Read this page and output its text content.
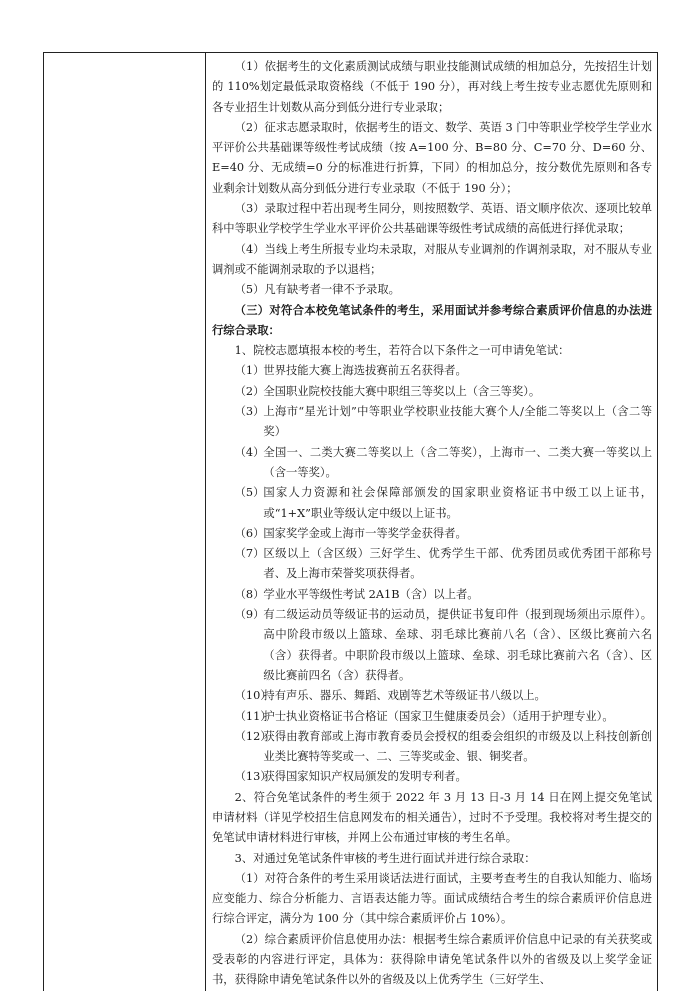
（1）依据考生的文化素质测试成绩与职业技能测试成绩的相加总分，先按招生计划的 110%划定最低录取资格线（不低于 190 分），再对线上考生按专业志愿优先原则和各专业招生计划数从高分到低分进行专业录取；

（2）征求志愿录取时，依据考生的语文、数学、英语 3 门中等职业学校学生学业水平评价公共基础课等级性考试成绩（按 A=100 分、B=80 分、C=70 分、D=60 分、E=40 分、无成绩=0 分的标准进行折算，下同）的相加总分，按分数优先原则和各专业剩余计划数从高分到低分进行专业录取（不低于 190 分）；

（3）录取过程中若出现考生同分，则按照数学、英语、语文顺序依次、逐项比较单科中等职业学校学生学业水平评价公共基础课等级性考试成绩的高低进行择优录取；

（4）当线上考生所报专业均未录取，对服从专业调剂的作调剂录取，对不服从专业调剂或不能调剂录取的予以退档；

（5）凡有缺考者一律不予录取。

（三）对符合本校免笔试条件的考生，采用面试并参考综合素质评价信息的办法进行综合录取：

1、院校志愿填报本校的考生，若符合以下条件之一可申请免笔试：

（1） 世界技能大赛上海选拔赛前五名获得者。
（2） 全国职业院校技能大赛中职组三等奖以上（含三等奖）。
（3） 上海市“星光计划”中等职业学校职业技能大赛个人/全能二等奖以上（含二等奖）
（4） 全国一、二类大赛二等奖以上（含二等奖），上海市一、二类大赛一等奖以上（含一等奖）。
（5） 国家人力资源和社会保障部颁发的国家职业资格证书中级工以上证书，或“1+X”职业等级认定中级以上证书。
（6） 国家奖学金或上海市一等奖学金获得者。
（7） 区级以上（含区级）三好学生、优秀学生干部、优秀团员或优秀团干部称号者、及上海市荣誉奖项获得者。
（8） 学业水平等级性考试 2A1B（含）以上者。
（9） 有二级运动员等级证书的运动员，提供证书复印件（报到现场须出示原件）。高中阶段市级以上篮球、垒球、羽毛球比赛前八名（含）、区级比赛前六名（含）获得者。中职阶段市级以上篮球、垒球、羽毛球比赛前六名（含）、区级比赛前四名（含）获得者。
（10）
持有声乐、器乐、舞蹈、戏剧等艺术等级证书八级以上。
（11）
护士执业资格证书合格证（国家卫生健康委员会）（适用于护理专业）。
（12）
获得由教育部或上海市教育委员会授权的组委会组织的市级及以上科技创新创业类比赛特等奖或一、二、三等奖或金、银、铜奖者。
（13）
获得国家知识产权局颁发的发明专利者。

2、符合免笔试条件的考生须于 2022 年 3 月 13 日-3 月 14 日在网上提交免笔试申请材料（详见学校招生信息网发布的相关通告），过时不予受理。我校将对考生提交的免笔试申请材料进行审核，并网上公布通过审核的考生名单。

3、对通过免笔试条件审核的考生进行面试并进行综合录取：

（1）对符合条件的考生采用谈话法进行面试，主要考查考生的自我认知能力、临场应变能力、综合分析能力、言语表达能力等。面试成绩结合考生的综合素质评价信息进行综合评定，满分为 100 分（其中综合素质评价占 10%）。

（2）综合素质评价信息使用办法：根据考生综合素质评价信息中记录的有关获奖或受表彰的内容进行评定，具体为：获得除申请免笔试条件以外的省级及以上奖学金证书，获得除申请免笔试条件以外的省级及以上优秀学生（三好学生、
